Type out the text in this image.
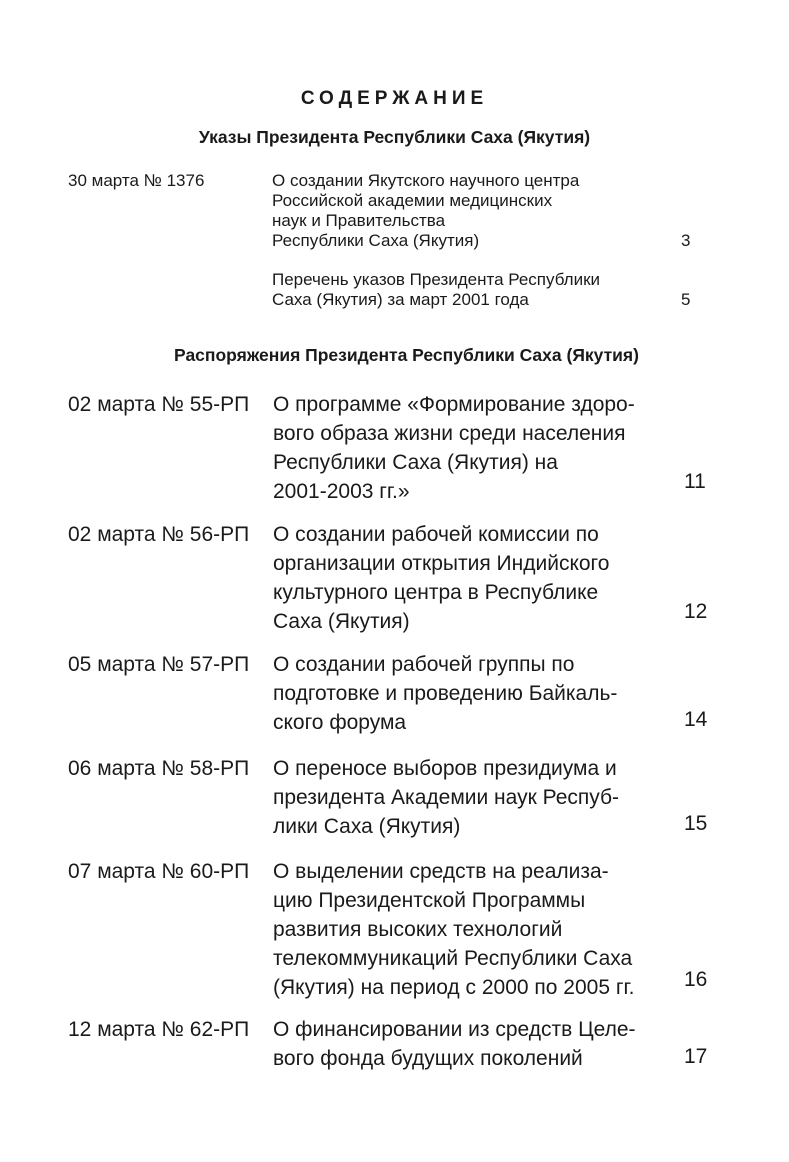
СОДЕРЖАНИЕ
Указы Президента Республики Саха (Якутия)
30 марта № 1376	О создании Якутского научного центра
Российской академии медицинских
наук и Правительства
Республики Саха (Якутия)	3
Перечень указов Президента Республики
Саха (Якутия) за март 2001 года	5
Распоряжения Президента Республики Саха (Якутия)
02 марта № 55-РП О программе «Формирование здоро-
вого образа жизни среди населения
Республики Саха (Якутия) на
2001-2003 гг.»	11
02 марта № 56-РП О создании рабочей комиссии по
организации открытия Индийского
культурного центра в Республике
Саха (Якутия)	12
05 марта № 57-РП О создании рабочей группы по
подготовке и проведению Байкаль-
ского форума	14
06 марта № 58-РП О переносе выборов президиума и
президента Академии наук Респуб-
лики Саха (Якутия)	15
07 марта № 60-РП О выделении средств на реализа-
цию Президентской Программы
развития высоких технологий
телекоммуникаций Республики Саха
(Якутия) на период с 2000 по 2005 гг. 16
12 марта № 62-РП О финансировании из средств Целе-
вого фонда будущих поколений	17
